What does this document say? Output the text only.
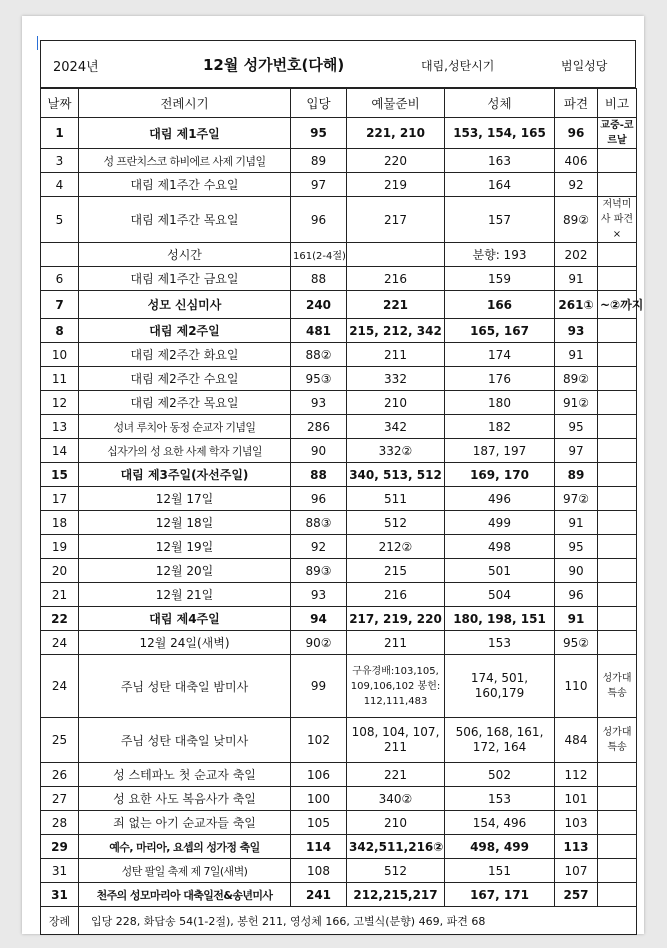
2024년	12월 성가번호(다해)	대림,성탄시기	범일성당
날짜	전례시기	입당	예물준비	성체	파견	비고
1	대림 제1주일	95	221, 210	153, 154, 165	96	교중-코르날
3	성 프란치스코 하비에르 사제 기념일	89	220	163	406	
4	대림 제1주간 수요일	97	219	164	92	
5	대림 제1주간 목요일	96	217	157	89②	저녁미사 파견 ×
	성시간	161(2-4절)		분향: 193	202	
6	대림 제1주간 금요일	88	216	159	91	
7	성모 신심미사	240	221	166	261①	~②까지
8	대림 제2주일	481	215, 212, 342	165, 167	93	
10	대림 제2주간 화요일	88②	211	174	91	
11	대림 제2주간 수요일	95③	332	176	89②	
12	대림 제2주간 목요일	93	210	180	91②	
13	성녀 루치아 동정 순교자 기념일	286	342	182	95	
14	십자가의 성 요한 사제 학자 기념일	90	332②	187, 197	97	
15	대림 제3주일(자선주일)	88	340, 513, 512	169, 170	89	
17	12월 17일	96	511	496	97②	
18	12월 18일	88③	512	499	91	
19	12월 19일	92	212②	498	95	
20	12월 20일	89③	215	501	90	
21	12월 21일	93	216	504	96	
22	대림 제4주일	94	217, 219, 220	180, 198, 151	91	
24	12월 24일(새벽)	90②	211	153	95②	
24	주님 성탄 대축일 밤미사	99	구유경배:103,105, 109,106,102 봉헌: 112,111,483	174, 501, 160,179	110	성가대 특송
25	주님 성탄 대축일 낮미사	102	108, 104, 107, 211	506, 168, 161, 172, 164	484	성가대 특송
26	성 스테파노 첫 순교자 축일	106	221	502	112	
27	성 요한 사도 복음사가 축일	100	340②	153	101	
28	죄 없는 아기 순교자들 축일	105	210	154, 496	103	
29	예수, 마리아, 요셉의 성가정 축일	114	342,511,216②	498, 499	113	
31	성탄 팔일 축제 제 7일(새벽)	108	512	151	107	
31	천주의 성모마리아 대축일전&송년미사	241	212,215,217	167, 171	257	
장례	입당 228, 화답송 54(1-2절), 봉헌 211, 영성체 166, 고별식(분향) 469, 파견 68					
